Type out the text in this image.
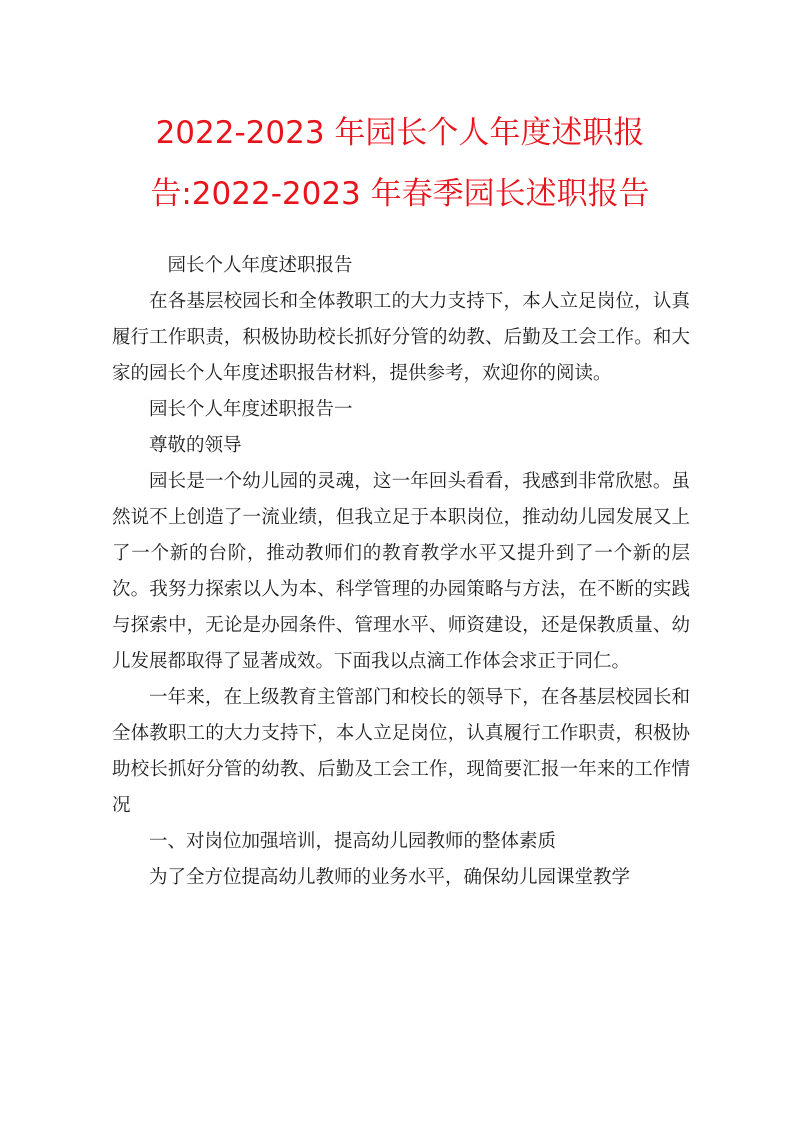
2022-2023 年园长个人年度述职报
告:2022-2023 年春季园长述职报告

园长个人年度述职报告

在各基层校园长和全体教职工的大力支持下，本人立足岗位，认真履行工作职责，积极协助校长抓好分管的幼教、后勤及工会工作。和大家的园长个人年度述职报告材料，提供参考，欢迎你的阅读。

园长个人年度述职报告一

尊敬的领导

园长是一个幼儿园的灵魂，这一年回头看看，我感到非常欣慰。虽然说不上创造了一流业绩，但我立足于本职岗位，推动幼儿园发展又上了一个新的台阶，推动教师们的教育教学水平又提升到了一个新的层次。我努力探索以人为本、科学管理的办园策略与方法，在不断的实践与探索中，无论是办园条件、管理水平、师资建设，还是保教质量、幼儿发展都取得了显著成效。下面我以点滴工作体会求正于同仁。

一年来，在上级教育主管部门和校长的领导下，在各基层校园长和全体教职工的大力支持下，本人立足岗位，认真履行工作职责，积极协助校长抓好分管的幼教、后勤及工会工作，现简要汇报一年来的工作情况

一、对岗位加强培训，提高幼儿园教师的整体素质

为了全方位提高幼儿教师的业务水平，确保幼儿园课堂教学
